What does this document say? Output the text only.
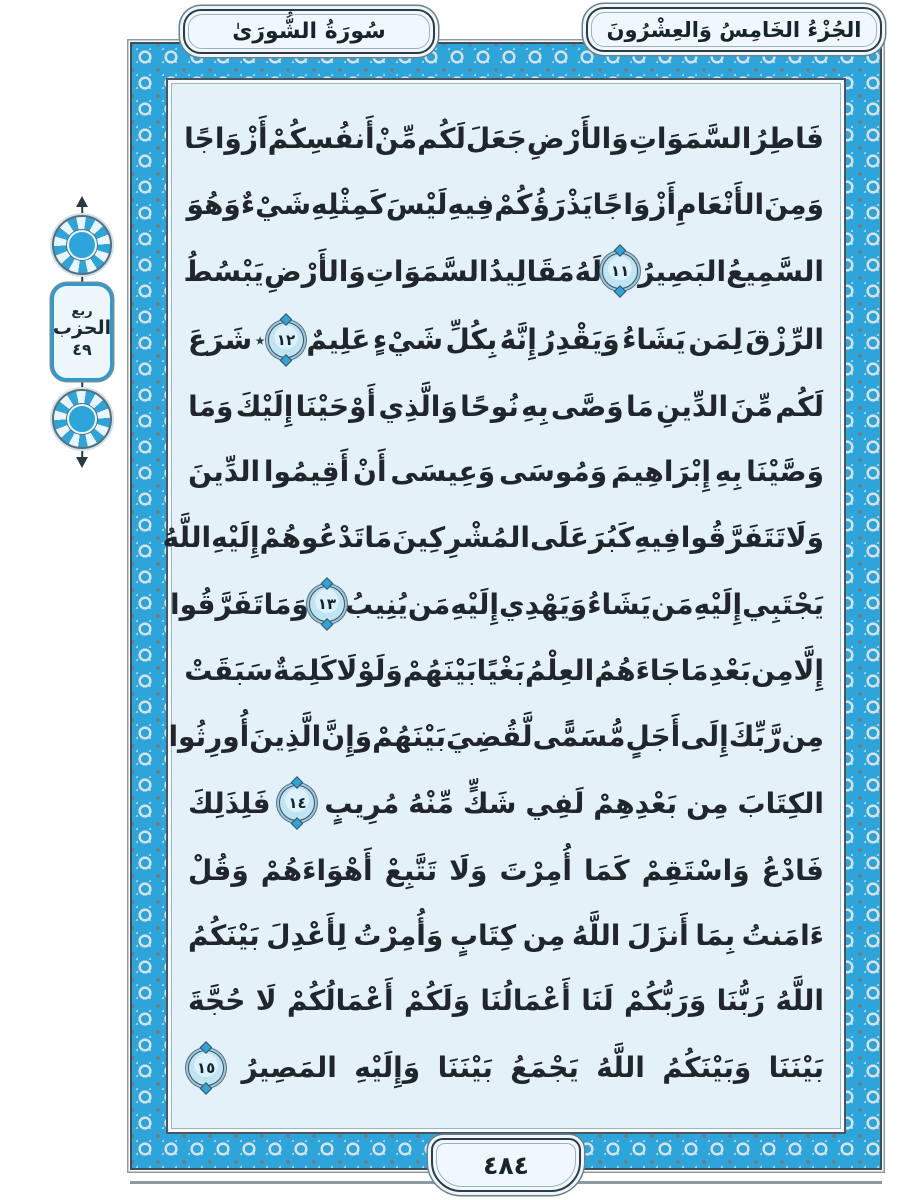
سُورَةُ الشُّورَىٰ	الجُزْءُ الخَامِسُ وَالعِشْرُونَ
فَاطِرُ
السَّمَوَاتِ
وَالأَرْضِ
جَعَلَ
لَكُم
مِّنْ
أَنفُسِكُمْ
أَزْوَاجًا
وَمِنَ
الأَنْعَامِ
أَزْوَاجًا
يَذْرَؤُكُمْ
فِيهِ
لَيْسَ
كَمِثْلِهِ
شَيْءٌ
وَهُوَ
السَّمِيعُ
البَصِيرُ
١١
لَهُ
مَقَالِيدُ
السَّمَوَاتِ
وَالأَرْضِ
يَبْسُطُ
الرِّزْقَ
لِمَن
يَشَاءُ
وَيَقْدِرُ
إِنَّهُ
بِكُلِّ
شَيْءٍ
عَلِيمٌ
١٢
٭
شَرَعَ
لَكُم
مِّنَ
الدِّينِ
مَا
وَصَّى
بِهِ
نُوحًا
وَالَّذِي
أَوْحَيْنَا
إِلَيْكَ
وَمَا
وَصَّيْنَا
بِهِ
إِبْرَاهِيمَ
وَمُوسَى
وَعِيسَى
أَنْ
أَقِيمُوا
الدِّينَ
وَلَا
تَتَفَرَّقُوا
فِيهِ
كَبُرَ
عَلَى
المُشْرِكِينَ
مَا
تَدْعُوهُمْ
إِلَيْهِ
اللَّهُ
يَجْتَبِي
إِلَيْهِ
مَن
يَشَاءُ
وَيَهْدِي
إِلَيْهِ
مَن
يُنِيبُ
١٣
وَمَا
تَفَرَّقُوا
إِلَّا
مِن
بَعْدِ
مَا
جَاءَهُمُ
العِلْمُ
بَغْيًا
بَيْنَهُمْ
وَلَوْلَا
كَلِمَةٌ
سَبَقَتْ
مِن
رَّبِّكَ
إِلَى
أَجَلٍ
مُّسَمًّى
لَّقُضِيَ
بَيْنَهُمْ
وَإِنَّ
الَّذِينَ
أُورِثُوا
الكِتَابَ
مِن
بَعْدِهِمْ
لَفِي
شَكٍّ
مِّنْهُ
مُرِيبٍ
١٤
فَلِذَلِكَ
فَادْعُ
وَاسْتَقِمْ
كَمَا
أُمِرْتَ
وَلَا
تَتَّبِعْ
أَهْوَاءَهُمْ
وَقُلْ
ءَامَنتُ
بِمَا
أَنزَلَ
اللَّهُ
مِن
كِتَابٍ
وَأُمِرْتُ
لِأَعْدِلَ
بَيْنَكُمُ
اللَّهُ
رَبُّنَا
وَرَبُّكُمْ
لَنَا
أَعْمَالُنَا
وَلَكُمْ
أَعْمَالُكُمْ
لَا
حُجَّةَ
بَيْنَنَا
وَبَيْنَكُمُ
اللَّهُ
يَجْمَعُ
بَيْنَنَا
وَإِلَيْهِ
المَصِيرُ
١٥
٤٨٤
ربع
الحزب
٤٩
